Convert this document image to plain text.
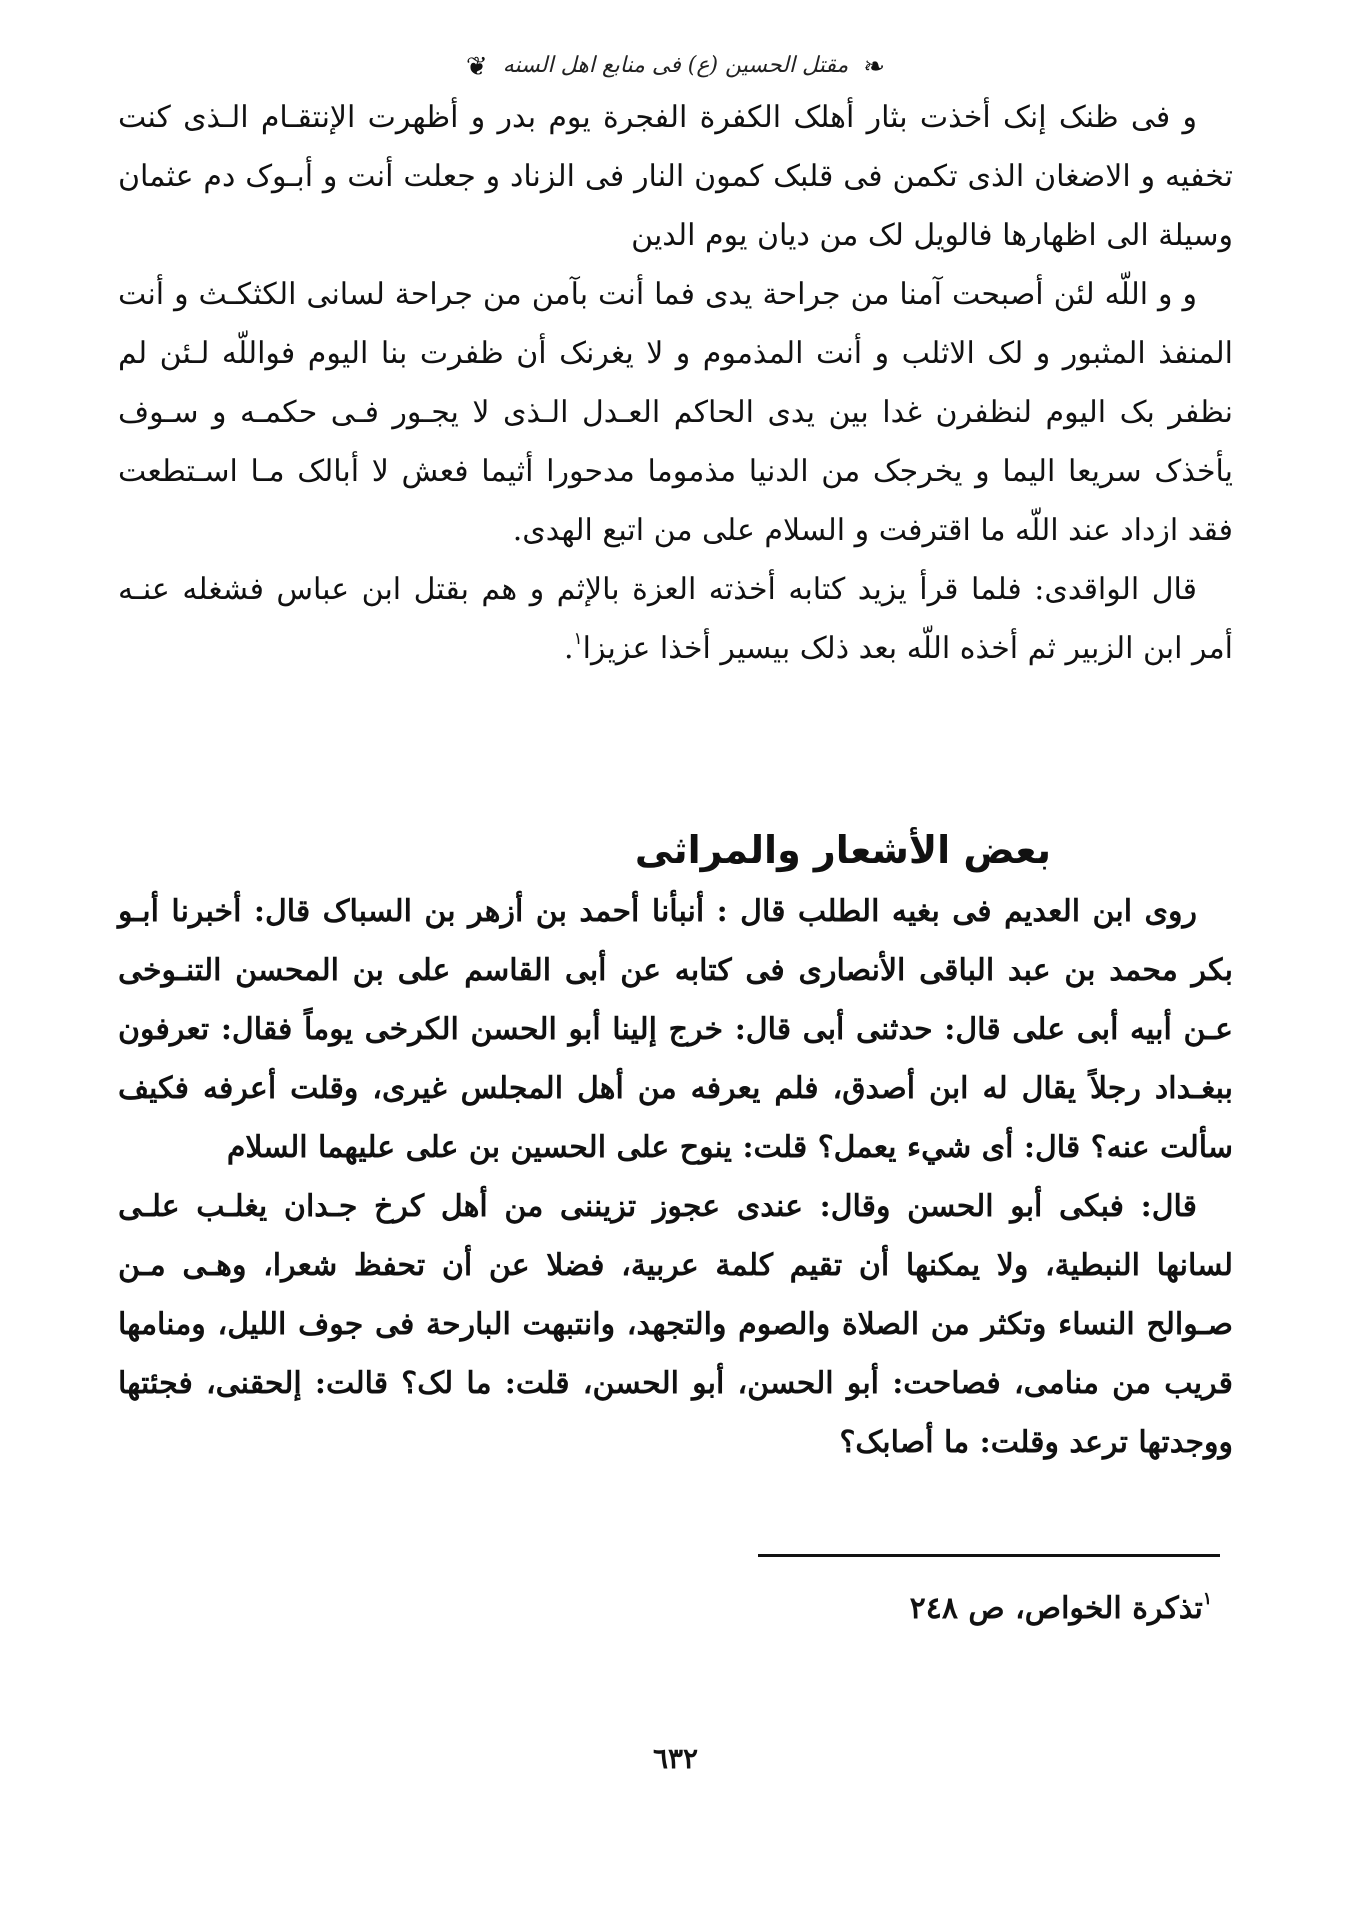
❧ مقتل الحسين (ع) فی منابع اهل السنه ❦

و فى ظنک إنک أخذت بثار أهلک الكفرة الفجرة يوم بدر و أظهرت الإنتقـام الـذى كنت تخفيه و الاضغان الذى تكمن فى قلبک كمون النار فى الزناد و جعلت أنت و أبـوک دم عثمان وسيلة الى اظهارها فالويل لک من ديان يوم الدين

و و اللّه لئن أصبحت آمنا من جراحة يدى فما أنت بآمن من جراحة لسانى الكثكـث و أنت المنفذ المثبور و لک الاثلب و أنت المذموم و لا يغرنک أن ظفرت بنا اليوم فواللّه لـئن لم نظفر بک اليوم لنظفرن غدا بين يدى الحاكم العـدل الـذى لا يجـور فـى حكمـه و سـوف يأخذک سريعا اليما و يخرجک من الدنيا مذموما مدحورا أثيما فعش لا أبالک مـا اسـتطعت فقد ازداد عند اللّه ما اقترفت و السلام على من اتبع الهدى.

قال الواقدى: فلما قرأ يزيد كتابه أخذته العزة بالإثم و هم بقتل ابن عباس فشغله عنـه أمر ابن الزبير ثم أخذه اللّه بعد ذلک بيسير أخذا عزيزا$^١$.

بعض الأشعار والمراثى

روى ابن العديم فى بغيه الطلب قال : أنبأنا أحمد بن أزهر بن السباک قال: أخبرنا أبـو بكر محمد بن عبد الباقى الأنصارى فى كتابه عن أبى القاسم على بن المحسن التنـوخى عـن أبيه أبى على قال: حدثنى أبى قال: خرج إلينا أبو الحسن الكرخى يوماً فقال: تعرفون ببغـداد رجلاً يقال له ابن أصدق، فلم يعرفه من أهل المجلس غيرى، وقلت أعرفه فكيف سألت عنه؟ قال: أى شيء يعمل؟ قلت: ينوح على الحسين بن على عليهما السلام

قال: فبكى أبو الحسن وقال: عندى عجوز تزيننى من أهل كرخ جـدان يغلـب علـى لسانها النبطية، ولا يمكنها أن تقيم كلمة عربية، فضلا عن أن تحفظ شعرا، وهـى مـن صـوالح النساء وتكثر من الصلاة والصوم والتجهد، وانتبهت البارحة فى جوف الليل، ومنامها قريب من منامى، فصاحت: أبو الحسن، أبو الحسن، قلت: ما لک؟ قالت: إلحقنى، فجئتها ووجدتها ترعد وقلت: ما أصابک؟

$^١$تذكرة الخواص، ص ٢٤٨
٦٣٢
